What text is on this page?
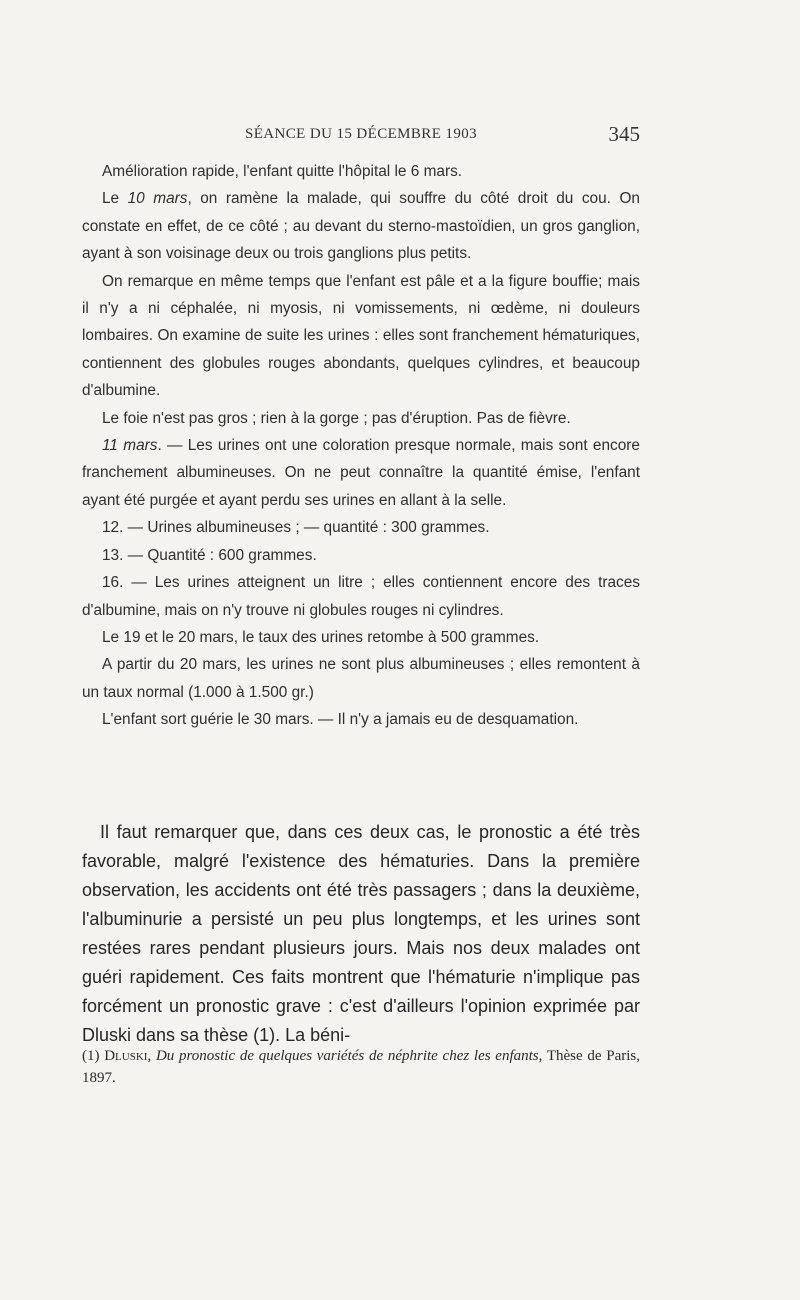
SÉANCE DU 15 DÉCEMBRE 1903	345

Amélioration rapide, l'enfant quitte l'hôpital le 6 mars.

Le 10 mars, on ramène la malade, qui souffre du côté droit du cou. On constate en effet, de ce côté ; au devant du sterno-mastoïdien, un gros ganglion, ayant à son voisinage deux ou trois ganglions plus petits.

On remarque en même temps que l'enfant est pâle et a la figure bouffie; mais il n'y a ni céphalée, ni myosis, ni vomissements, ni œdème, ni douleurs lombaires. On examine de suite les urines : elles sont franchement hématuriques, contiennent des globules rouges abondants, quelques cylindres, et beaucoup d'albumine.

Le foie n'est pas gros ; rien à la gorge ; pas d'éruption. Pas de fièvre.

11 mars. — Les urines ont une coloration presque normale, mais sont encore franchement albumineuses. On ne peut connaître la quantité émise, l'enfant ayant été purgée et ayant perdu ses urines en allant à la selle.

12. — Urines albumineuses ; — quantité : 300 grammes.

13. — Quantité : 600 grammes.

16. — Les urines atteignent un litre ; elles contiennent encore des traces d'albumine, mais on n'y trouve ni globules rouges ni cylindres.

Le 19 et le 20 mars, le taux des urines retombe à 500 grammes.

A partir du 20 mars, les urines ne sont plus albumineuses ; elles remontent à un taux normal (1.000 à 1.500 gr.)

L'enfant sort guérie le 30 mars. — Il n'y a jamais eu de desquamation.

Il faut remarquer que, dans ces deux cas, le pronostic a été très favorable, malgré l'existence des hématuries. Dans la première observation, les accidents ont été très passagers ; dans la deuxième, l'albuminurie a persisté un peu plus longtemps, et les urines sont restées rares pendant plusieurs jours. Mais nos deux malades ont guéri rapidement. Ces faits montrent que l'hématurie n'implique pas forcément un pronostic grave : c'est d'ailleurs l'opinion exprimée par Dluski dans sa thèse (1). La béni-

(1) Dluski, Du pronostic de quelques variétés de néphrite chez les enfants, Thèse de Paris, 1897.
